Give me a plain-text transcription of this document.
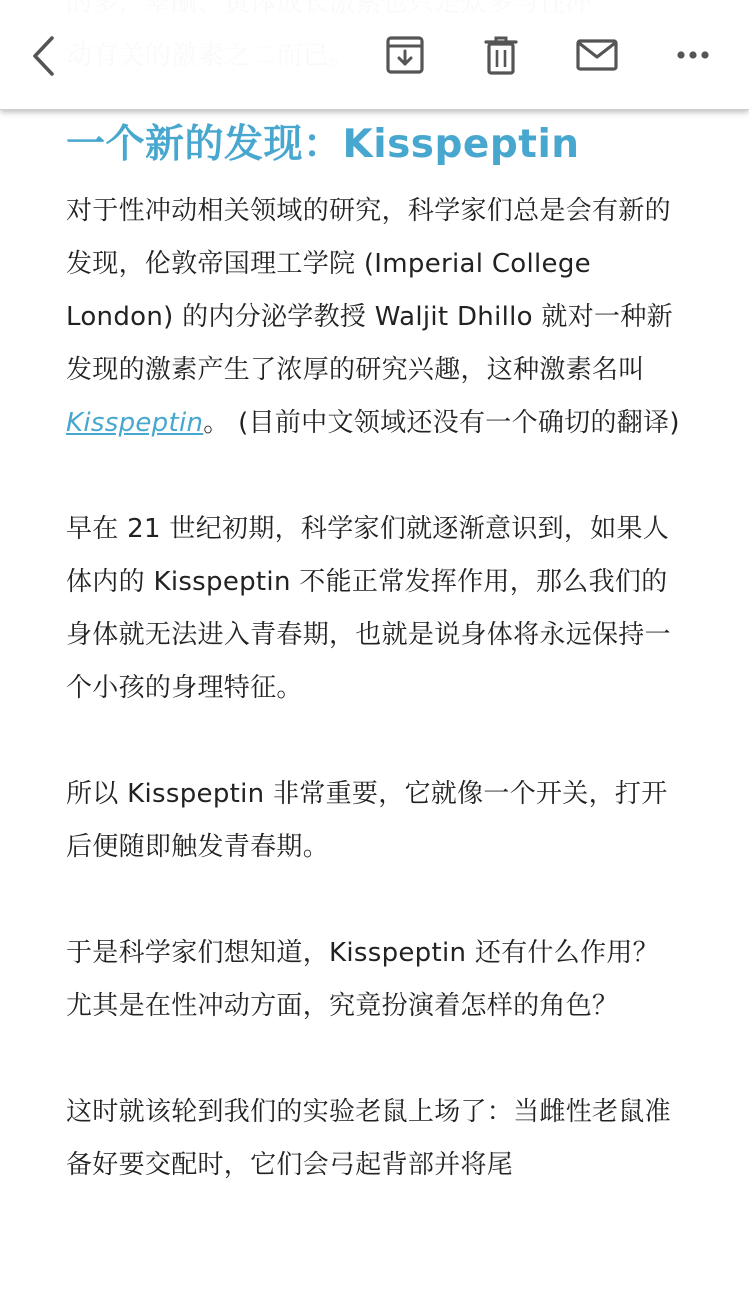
一个新的发现：Kisspeptin

对于性冲动相关领域的研究，科学家们总是会有新的发现，伦敦帝国理工学院 (Imperial College London) 的内分泌学教授 Waljit Dhillo 就对一种新发现的激素产生了浓厚的研究兴趣，这种激素名叫 Kisspeptin。 (目前中文领域还没有一个确切的翻译)

早在 21 世纪初期，科学家们就逐渐意识到，如果人体内的 Kisspeptin 不能正常发挥作用，那么我们的身体就无法进入青春期，也就是说身体将永远保持一个小孩的身理特征。

所以 Kisspeptin 非常重要，它就像一个开关，打开后便随即触发青春期。

于是科学家们想知道，Kisspeptin 还有什么作用？尤其是在性冲动方面，究竟扮演着怎样的角色？

这时就该轮到我们的实验老鼠上场了：当雌性老鼠准备好要交配时，它们会弓起背部并将尾
